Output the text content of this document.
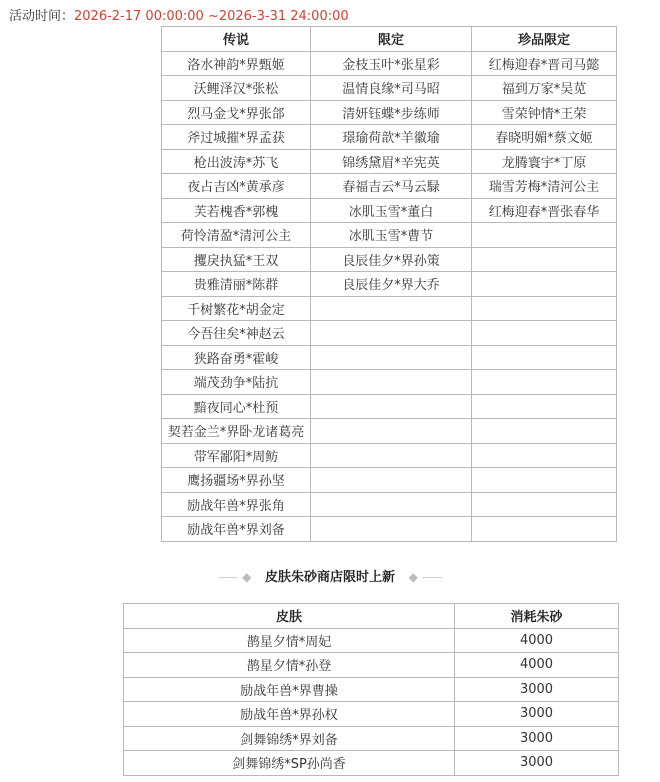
活动时间：2026-2-17 00:00:00 ~2026-3-31 24:00:00
传说	限定	珍品限定
洛水神韵*界甄姬	金枝玉叶*张星彩	红梅迎春*晋司马懿
沃鲤泽汉*张松	温情良缘*司马昭	福到万家*吴苋
烈马金戈*界张郃	清妍钰蝶*步练师	雪荣钟情*王荣
斧过城摧*界孟获	璟瑜荷歆*羊徽瑜	春晓明媚*蔡文姬
枪出波涛*苏飞	锦绣黛眉*辛宪英	龙腾寰宇*丁原
夜占吉凶*黄承彦	春福吉云*马云騄	瑞雪芳梅*清河公主
芙若槐香*郭槐	冰肌玉雪*董白	红梅迎春*晋张春华
荷怜清盈*清河公主	冰肌玉雪*曹节	
攫戾执猛*王双	良辰佳夕*界孙策	
贵雅清丽*陈群	良辰佳夕*界大乔	
千树繁花*胡金定		
今吾往矣*神赵云		
狭路奋勇*霍峻		
端茂劲争*陆抗		
黯夜同心*杜预		
契若金兰*界卧龙诸葛亮		
带军鄙阳*周鲂		
鹰扬疆场*界孙坚		
励战年兽*界张角		
励战年兽*界刘备		
◆ 皮肤朱砂商店限时上新 ◆
皮肤	消耗朱砂
鹊星夕情*周妃	4000
鹊星夕情*孙登	4000
励战年兽*界曹操	3000
励战年兽*界孙权	3000
剑舞锦绣*界刘备	3000
剑舞锦绣*SP孙尚香	3000
